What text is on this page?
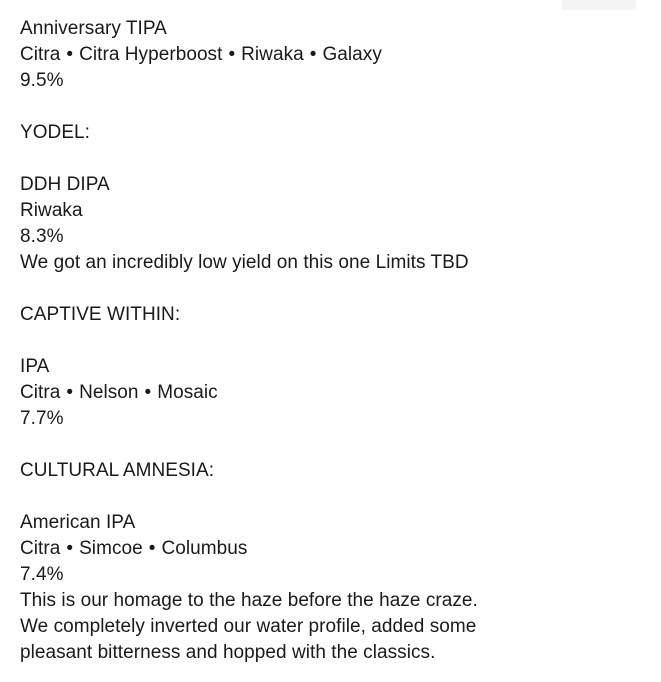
Anniversary TIPA
Citra • Citra Hyperboost • Riwaka • Galaxy
9.5%
YODEL:
DDH DIPA
Riwaka
8.3%
We got an incredibly low yield on this one Limits TBD
CAPTIVE WITHIN:
IPA
Citra • Nelson • Mosaic
7.7%
CULTURAL AMNESIA:
American IPA
Citra • Simcoe • Columbus
7.4%
This is our homage to the haze before the haze craze.
We completely inverted our water profile, added some
pleasant bitterness and hopped with the classics.
